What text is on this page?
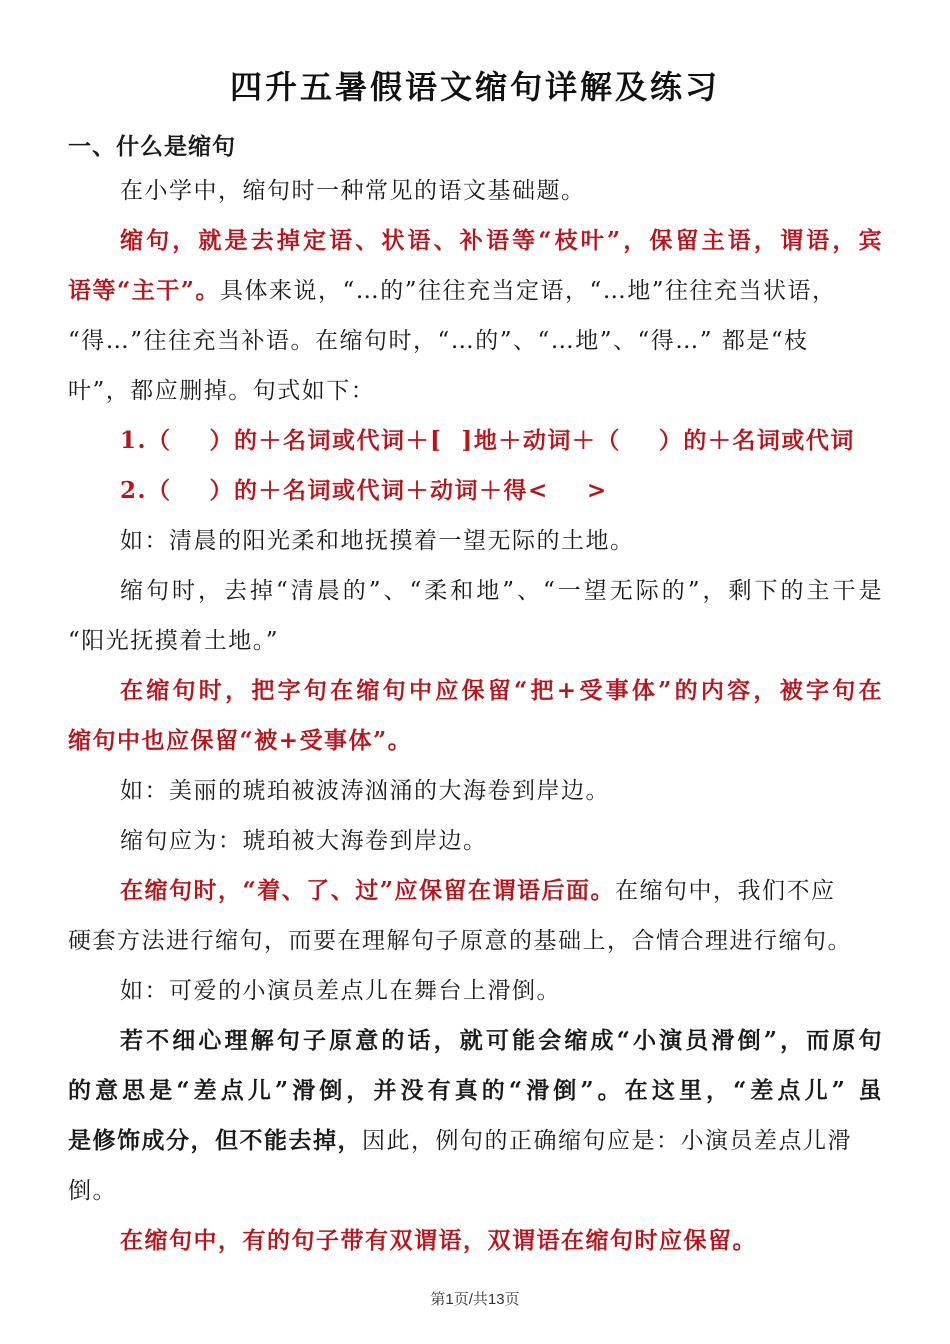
四升五暑假语文缩句详解及练习
一、什么是缩句
在小学中，缩句时一种常见的语文基础题。
缩句，就是去掉定语、状语、补语等“枝叶”，保留主语，谓语，宾
语等“主干”。具体来说，“…的”往往充当定语，“…地”往往充当状语，
“得…”往往充当补语。在缩句时，“…的”、“…地”、“得…” 都是“枝
叶”，都应删掉。句式如下：
1.（    ）的＋名词或代词＋[  ]地＋动词＋（    ）的＋名词或代词
2.（    ）的＋名词或代词＋动词＋得<    >
如：清晨的阳光柔和地抚摸着一望无际的土地。
缩句时，去掉“清晨的”、“柔和地”、“一望无际的”，剩下的主干是
“阳光抚摸着土地。”
在缩句时，把字句在缩句中应保留“把+受事体”的内容，被字句在
缩句中也应保留“被+受事体”。
如：美丽的琥珀被波涛汹涌的大海卷到岸边。
缩句应为：琥珀被大海卷到岸边。
在缩句时，“着、了、过”应保留在谓语后面。在缩句中，我们不应
硬套方法进行缩句，而要在理解句子原意的基础上，合情合理进行缩句。
如：可爱的小演员差点儿在舞台上滑倒。
若不细心理解句子原意的话，就可能会缩成“小演员滑倒”，而原句
的意思是“差点儿”滑倒，并没有真的“滑倒”。在这里，“差点儿” 虽
是修饰成分，但不能去掉，因此，例句的正确缩句应是：小演员差点儿滑
倒。
在缩句中，有的句子带有双谓语，双谓语在缩句时应保留。
第1页/共13页
